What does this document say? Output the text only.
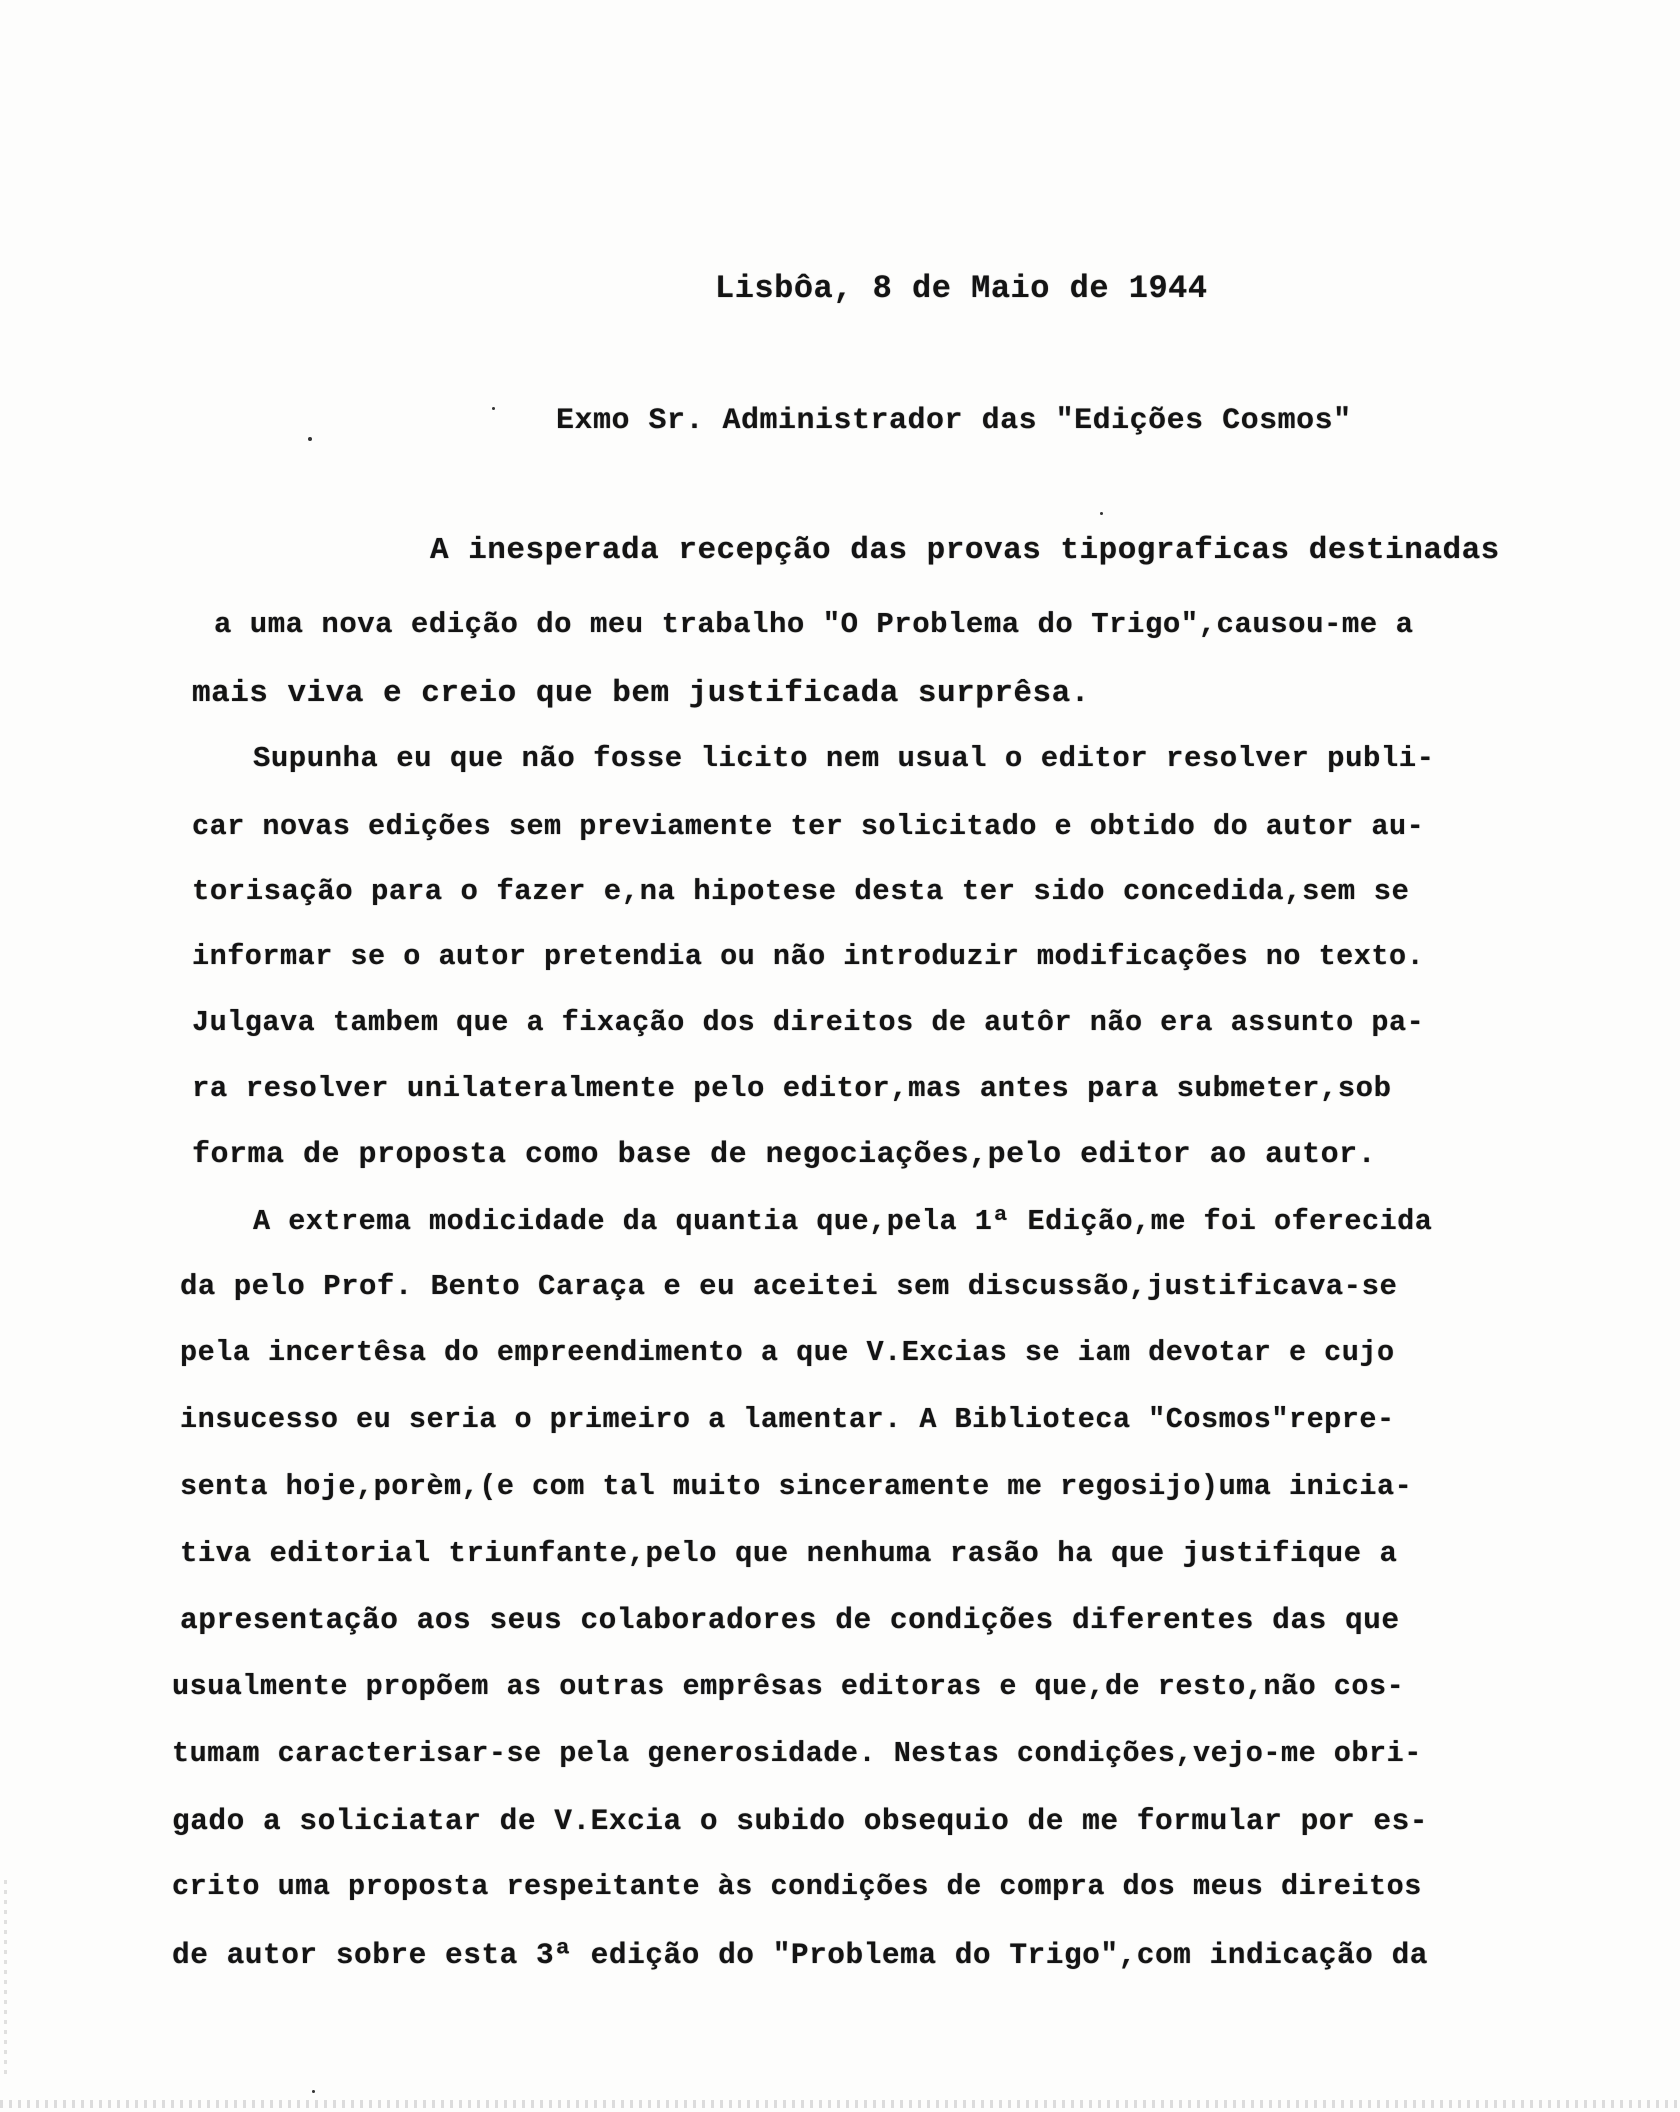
Lisbôa, 8 de Maio de 1944
Exmo Sr. Administrador das "Edições Cosmos"
A inesperada recepção das provas tipograficas destinadas
a uma nova edição do meu trabalho "O Problema do Trigo",causou-me a
mais viva e creio que bem justificada surprêsa.
Supunha eu que não fosse licito nem usual o editor resolver publi-
car novas edições sem previamente ter solicitado e obtido do autor au-
torisação para o fazer e,na hipotese desta ter sido concedida,sem se
informar se o autor pretendia ou não introduzir modificações no texto.
Julgava tambem que a fixação dos direitos de autôr não era assunto pa-
ra resolver unilateralmente pelo editor,mas antes para submeter,sob
forma de proposta como base de negociações,pelo editor ao autor.
A extrema modicidade da quantia que,pela 1ª Edição,me foi oferecida
da pelo Prof. Bento Caraça e eu aceitei sem discussão,justificava-se
pela incertêsa do empreendimento a que V.Excias se iam devotar e cujo
insucesso eu seria o primeiro a lamentar. A Biblioteca "Cosmos"repre-
senta hoje,porèm,(e com tal muito sinceramente me regosijo)uma inicia-
tiva editorial triunfante,pelo que nenhuma rasão ha que justifique a
apresentação aos seus colaboradores de condições diferentes das que
usualmente propõem as outras emprêsas editoras e que,de resto,não cos-
tumam caracterisar-se pela generosidade. Nestas condições,vejo-me obri-
gado a soliciatar de V.Excia o subido obsequio de me formular por es-
crito uma proposta respeitante às condições de compra dos meus direitos
de autor sobre esta 3ª edição do "Problema do Trigo",com indicação da
